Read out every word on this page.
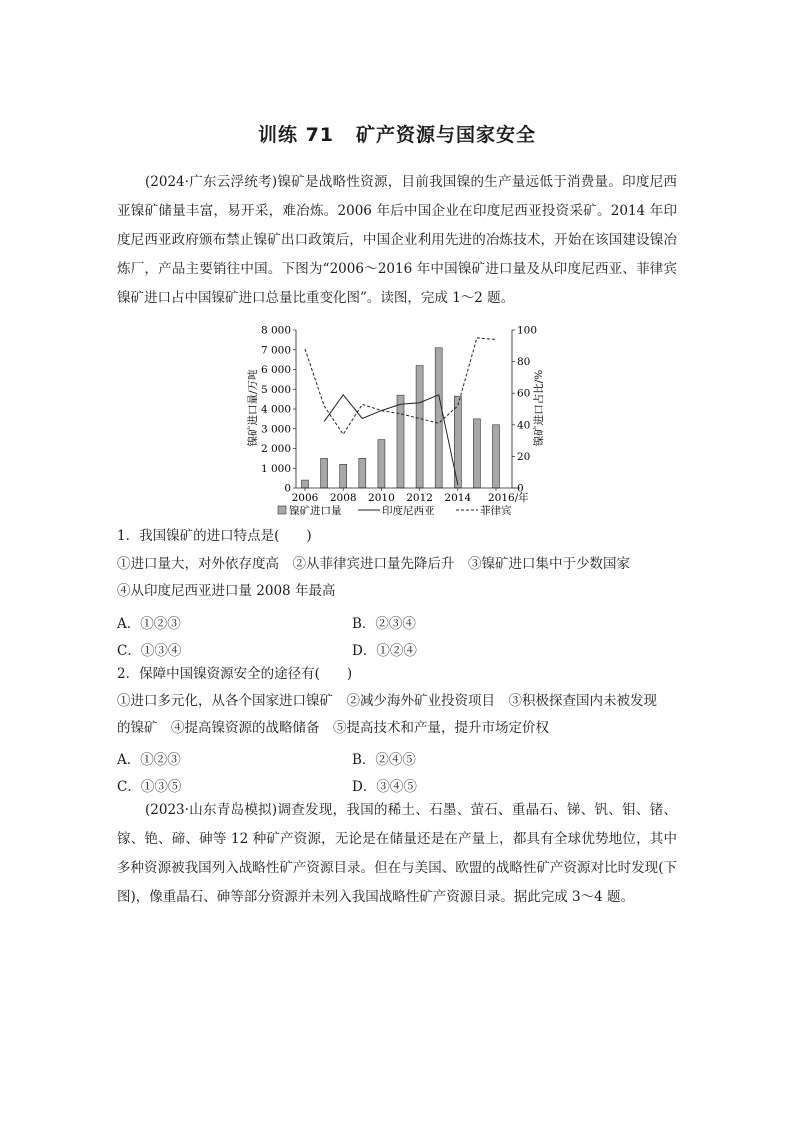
训练 71 矿产资源与国家安全

(2024·广东云浮统考)镍矿是战略性资源，目前我国镍的生产量远低于消费量。印度尼西亚镍矿储量丰富，易开采，难冶炼。2006 年后中国企业在印度尼西亚投资采矿。2014 年印度尼西亚政府颁布禁止镍矿出口政策后，中国企业利用先进的冶炼技术，开始在该国建设镍冶炼厂，产品主要销往中国。下图为“2006～2016 年中国镍矿进口量及从印度尼西亚、菲律宾镍矿进口占中国镍矿进口总量比重变化图”。读图，完成 1～2 题。

0
1 000
2 000
3 000
4 000
5 000
6 000
7 000
8 000
0
20
40
60
80
100
2006 2008 2010 2012 2014 2016/年
镍矿进口量/万吨	镍矿进口占比/%
镍矿进口量	印度尼西亚	菲律宾

1．我国镍矿的进口特点是(　　)

①进口量大，对外依存度高　②从菲律宾进口量先降后升　③镍矿进口集中于少数国家

④从印度尼西亚进口量 2008 年最高

A．①②③	B．②③④
C．①③④	D．①②④

2．保障中国镍资源安全的途径有(　　)

①进口多元化，从各个国家进口镍矿　②减少海外矿业投资项目　③积极探查国内未被发现

的镍矿　④提高镍资源的战略储备　⑤提高技术和产量，提升市场定价权

A．①②③	B．②④⑤
C．①③⑤	D．③④⑤

(2023·山东青岛模拟)调查发现，我国的稀土、石墨、萤石、重晶石、锑、钒、钼、锗、镓、铯、碲、砷等 12 种矿产资源，无论是在储量还是在产量上，都具有全球优势地位，其中多种资源被我国列入战略性矿产资源目录。但在与美国、欧盟的战略性矿产资源对比时发现(下图)，像重晶石、砷等部分资源并未列入我国战略性矿产资源目录。据此完成 3～4 题。
